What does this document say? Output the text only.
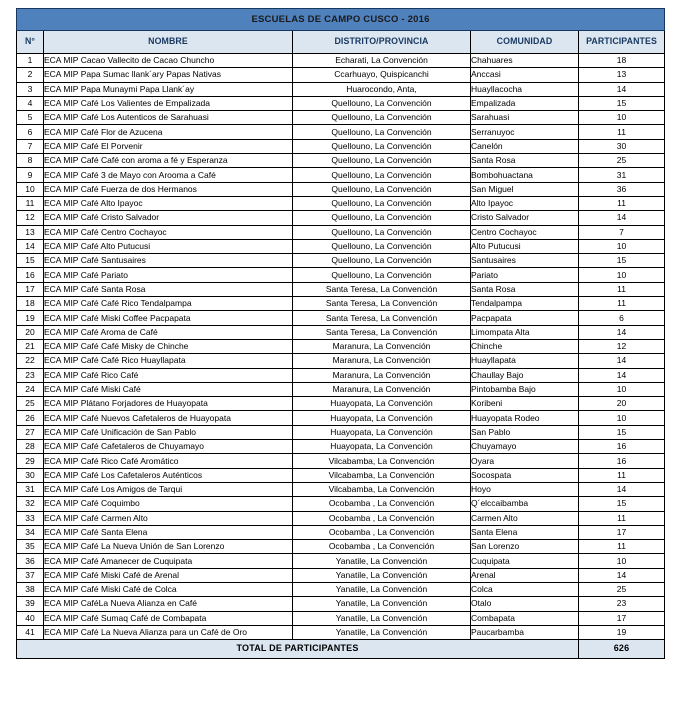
ESCUELAS DE CAMPO CUSCO - 2016				
N°	NOMBRE	DISTRITO/PROVINCIA	COMUNIDAD	PARTICIPANTES
1	ECA MIP Cacao Vallecito de Cacao Chuncho	Echarati, La Convención	Chahuares	18
2	ECA MIP Papa Sumac llank´ary Papas Nativas	Ccarhuayo, Quispicanchi	Anccasi	13
3	ECA MIP Papa Munaymi Papa Llank´ay	Huarocondo, Anta,	Huayllacocha	14
4	ECA MIP Café Los Valientes de Empalizada	Quellouno, La Convención	Empalizada	15
5	ECA MIP Café Los Autenticos de Sarahuasi	Quellouno, La Convención	Sarahuasi	10
6	ECA MIP Café Flor de Azucena	Quellouno, La Convención	Serranuyoc	11
7	ECA MIP Café El Porvenir	Quellouno, La Convención	Canelón	30
8	ECA MIP Café Café con aroma a fé y Esperanza	Quellouno, La Convención	Santa Rosa	25
9	ECA MIP Café 3 de Mayo con Arooma a Café	Quellouno, La Convención	Bombohuactana	31
10	ECA MIP Café Fuerza de dos Hermanos	Quellouno, La Convención	San Miguel	36
11	ECA MIP Café Alto Ipayoc	Quellouno, La Convención	Alto Ipayoc	11
12	ECA MIP Café Cristo Salvador	Quellouno, La Convención	Cristo Salvador	14
13	ECA MIP Café Centro Cochayoc	Quellouno, La Convención	Centro Cochayoc	7
14	ECA MIP Café Alto Putucusi	Quellouno, La Convención	Alto Putucusi	10
15	ECA MIP Café Santusaires	Quellouno, La Convención	Santusaires	15
16	ECA MIP Café Pariato	Quellouno, La Convención	Pariato	10
17	ECA MIP Café Santa Rosa	Santa Teresa, La Convención	Santa Rosa	11
18	ECA MIP Café Café Rico Tendalpampa	Santa Teresa, La Convención	Tendalpampa	11
19	ECA MIP Café Miski Coffee Pacpapata	Santa Teresa, La Convención	Pacpapata	6
20	ECA MIP Café Aroma de Café	Santa Teresa, La Convención	Limompata Alta	14
21	ECA MIP Café Café Misky de Chinche	Maranura, La Convención	Chinche	12
22	ECA MIP Café Café Rico Huayllapata	Maranura, La Convención	Huayllapata	14
23	ECA MIP Café Rico Café	Maranura, La Convención	Chaullay Bajo	14
24	ECA MIP Café Miski Café	Maranura, La Convención	Pintobamba Bajo	10
25	ECA MIP Plátano Forjadores de Huayopata	Huayopata, La Convención	Koribeni	20
26	ECA MIP Café Nuevos Cafetaleros de Huayopata	Huayopata, La Convención	Huayopata Rodeo	10
27	ECA MIP Café Unificación de San Pablo	Huayopata, La Convención	San Pablo	15
28	ECA MIP Café Cafetaleros de Chuyamayo	Huayopata, La Convención	Chuyamayo	16
29	ECA MIP Café Rico Café Aromático	Vilcabamba, La Convención	Oyara	16
30	ECA MIP Café Los Cafetaleros Auténticos	Vilcabamba, La Convención	Socospata	11
31	ECA MIP Café Los Amigos de Tarqui	Vilcabamba, La Convención	Hoyo	14
32	ECA MIP Café Coquimbo	Ocobamba , La Convención	Q´elccaibamba	15
33	ECA MIP Café Carmen Alto	Ocobamba , La Convención	Carmen Alto	11
34	ECA MIP Café Santa Elena	Ocobamba , La Convención	Santa Elena	17
35	ECA MIP Café La Nueva Unión de San Lorenzo	Ocobamba , La Convención	San Lorenzo	11
36	ECA MIP Café Amanecer de Cuquipata	Yanatile, La Convención	Cuquipata	10
37	ECA MIP Café Miski Café de Arenal	Yanatile, La Convención	Arenal	14
38	ECA MIP Café Miski Café de Colca	Yanatile, La Convención	Colca	25
39	ECA MIP CaféLa Nueva Alianza en Café	Yanatile, La Convención	Otalo	23
40	ECA MIP Café Sumaq Café de Combapata	Yanatile, La Convención	Combapata	17
41	ECA MIP Café La Nueva Alianza para un Café de Oro	Yanatile, La Convención	Paucarbamba	19
TOTAL DE PARTICIPANTES				626
